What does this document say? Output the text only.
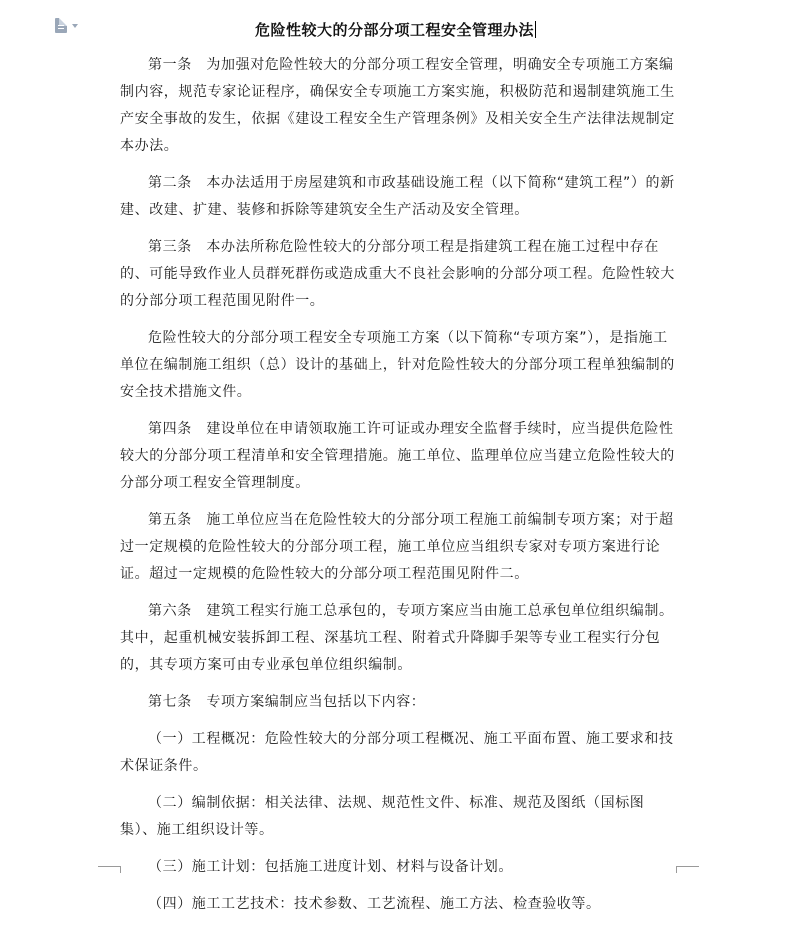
危险性较大的分部分项工程安全管理办法

第一条　为加强对危险性较大的分部分项工程安全管理，明确安全专项施工方案编制内容，规范专家论证程序，确保安全专项施工方案实施，积极防范和遏制建筑施工生产安全事故的发生，依据《建设工程安全生产管理条例》及相关安全生产法律法规制定本办法。

第二条　本办法适用于房屋建筑和市政基础设施工程（以下简称“建筑工程”）的新建、改建、扩建、装修和拆除等建筑安全生产活动及安全管理。

第三条　本办法所称危险性较大的分部分项工程是指建筑工程在施工过程中存在的、可能导致作业人员群死群伤或造成重大不良社会影响的分部分项工程。危险性较大的分部分项工程范围见附件一。

危险性较大的分部分项工程安全专项施工方案（以下简称“专项方案”），是指施工单位在编制施工组织（总）设计的基础上，针对危险性较大的分部分项工程单独编制的安全技术措施文件。

第四条　建设单位在申请领取施工许可证或办理安全监督手续时，应当提供危险性较大的分部分项工程清单和安全管理措施。施工单位、监理单位应当建立危险性较大的分部分项工程安全管理制度。

第五条　施工单位应当在危险性较大的分部分项工程施工前编制专项方案；对于超过一定规模的危险性较大的分部分项工程，施工单位应当组织专家对专项方案进行论证。超过一定规模的危险性较大的分部分项工程范围见附件二。

第六条　建筑工程实行施工总承包的，专项方案应当由施工总承包单位组织编制。其中，起重机械安装拆卸工程、深基坑工程、附着式升降脚手架等专业工程实行分包的，其专项方案可由专业承包单位组织编制。

第七条　专项方案编制应当包括以下内容：

（一）工程概况：危险性较大的分部分项工程概况、施工平面布置、施工要求和技术保证条件。

（二）编制依据：相关法律、法规、规范性文件、标准、规范及图纸（国标图集）、施工组织设计等。

（三）施工计划：包括施工进度计划、材料与设备计划。

（四）施工工艺技术：技术参数、工艺流程、施工方法、检查验收等。
